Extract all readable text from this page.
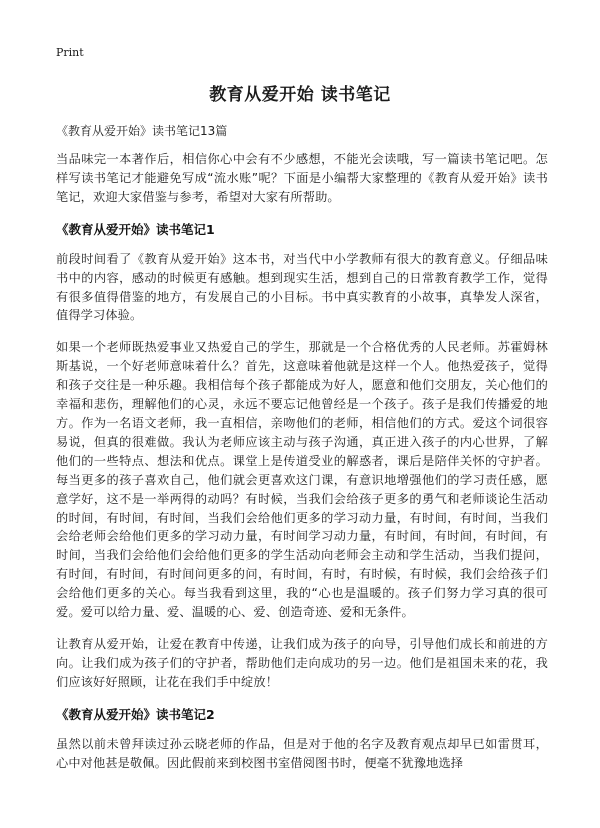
Print
教育从爱开始 读书笔记
《教育从爱开始》读书笔记13篇

当品味完一本著作后，相信你心中会有不少感想，不能光会读哦，写一篇读书笔记吧。怎样写读书笔记才能避免写成“流水账”呢？下面是小编帮大家整理的《教育从爱开始》读书笔记，欢迎大家借鉴与参考，希望对大家有所帮助。

《教育从爱开始》读书笔记1

前段时间看了《教育从爱开始》这本书，对当代中小学教师有很大的教育意义。仔细品味书中的内容，感动的时候更有感触。想到现实生活，想到自己的日常教育教学工作，觉得有很多值得借鉴的地方，有发展自己的小目标。书中真实教育的小故事，真挚发人深省，值得学习体验。

如果一个老师既热爱事业又热爱自己的学生，那就是一个合格优秀的人民老师。苏霍姆林斯基说，一个好老师意味着什么？首先，这意味着他就是这样一个人。他热爱孩子，觉得和孩子交往是一种乐趣。我相信每个孩子都能成为好人，愿意和他们交朋友，关心他们的幸福和悲伤，理解他们的心灵，永远不要忘记他曾经是一个孩子。孩子是我们传播爱的地方。作为一名语文老师，我一直相信，亲吻他们的老师，相信他们的方式。爱这个词很容易说，但真的很难做。我认为老师应该主动与孩子沟通，真正进入孩子的内心世界，了解他们的一些特点、想法和优点。课堂上是传道受业的解惑者，课后是陪伴关怀的守护者。每当更多的孩子喜欢自己，他们就会更喜欢这门课，有意识地增强他们的学习责任感，愿意学好，这不是一举两得的动吗？有时候，当我们会给孩子更多的勇气和老师谈论生活动的时间，有时间，有时间，当我们会给他们更多的学习动力量，有时间，有时间，当我们会给老师会给他们更多的学习动力量，有时间学习动力量，有时间，有时间，有时间，有时间，当我们会给他们会给他们更多的学生活动向老师会主动和学生活动，当我们提问，有时间，有时间，有时间问更多的问，有时间，有时，有时候，有时候，我们会给孩子们会给他们更多的关心。每当我看到这里，我的“心也是温暖的。孩子们努力学习真的很可爱。爱可以给力量、爱、温暖的心、爱、创造奇迹、爱和无条件。

让教育从爱开始，让爱在教育中传递，让我们成为孩子的向导，引导他们成长和前进的方向。让我们成为孩子们的守护者，帮助他们走向成功的另一边。他们是祖国未来的花，我们应该好好照顾，让花在我们手中绽放！

《教育从爱开始》读书笔记2

虽然以前未曾拜读过孙云晓老师的作品，但是对于他的名字及教育观点却早已如雷贯耳，心中对他甚是敬佩。因此假前来到校图书室借阅图书时，便毫不犹豫地选择
